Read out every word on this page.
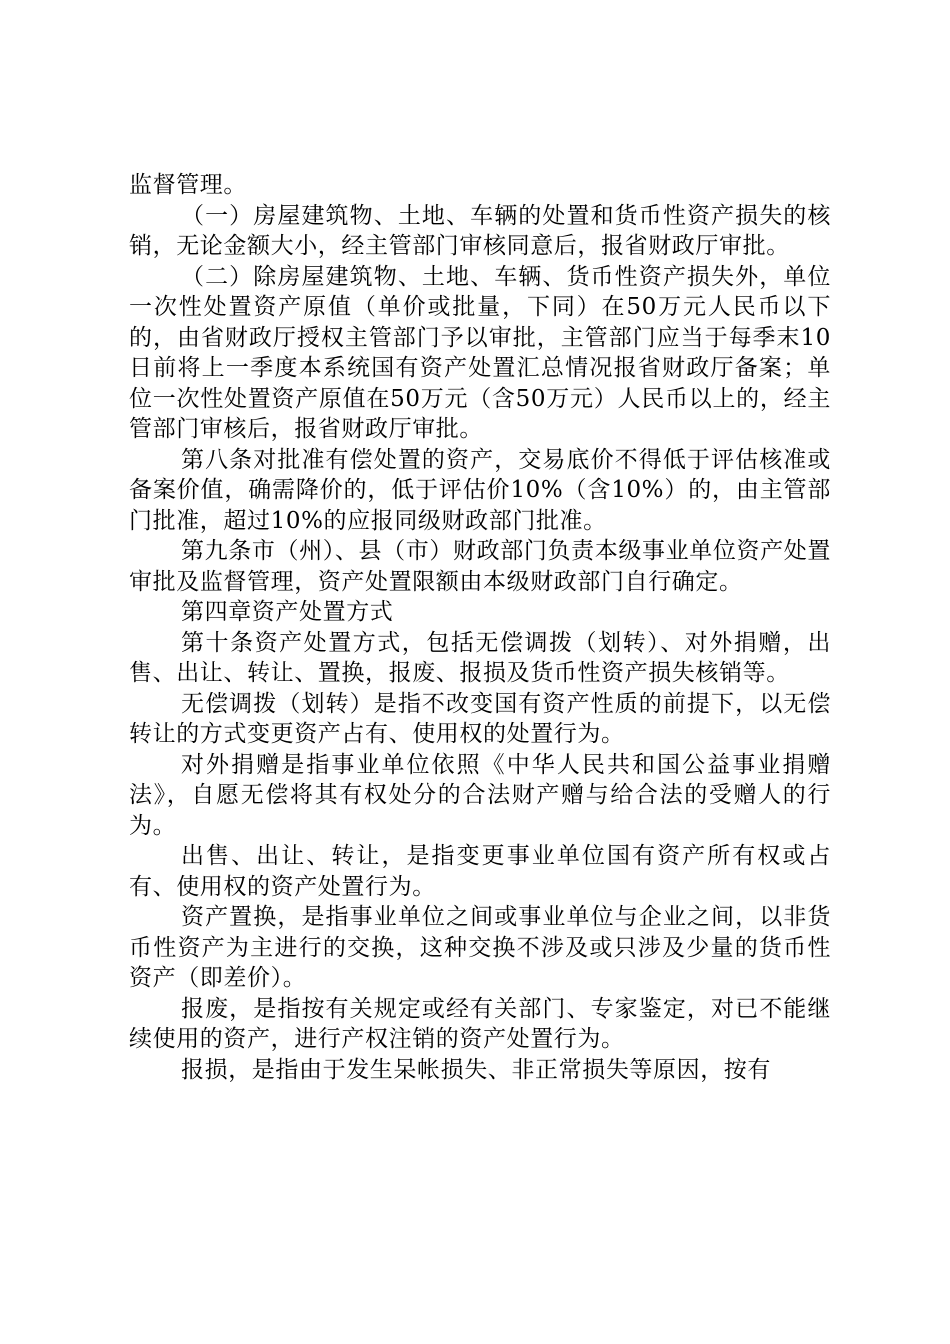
监督管理。

（一）房屋建筑物、土地、车辆的处置和货币性资产损失的核销，无论金额大小，经主管部门审核同意后，报省财政厅审批。

（二）除房屋建筑物、土地、车辆、货币性资产损失外，单位一次性处置资产原值（单价或批量，下同）在50万元人民币以下的，由省财政厅授权主管部门予以审批，主管部门应当于每季末10日前将上一季度本系统国有资产处置汇总情况报省财政厅备案；单位一次性处置资产原值在50万元（含50万元）人民币以上的，经主管部门审核后，报省财政厅审批。

第八条对批准有偿处置的资产，交易底价不得低于评估核准或备案价值，确需降价的，低于评估价10%（含10%）的，由主管部门批准，超过10%的应报同级财政部门批准。

第九条市（州）、县（市）财政部门负责本级事业单位资产处置审批及监督管理，资产处置限额由本级财政部门自行确定。

第四章资产处置方式

第十条资产处置方式，包括无偿调拨（划转）、对外捐赠，出售、出让、转让、置换，报废、报损及货币性资产损失核销等。

无偿调拨（划转）是指不改变国有资产性质的前提下，以无偿转让的方式变更资产占有、使用权的处置行为。

对外捐赠是指事业单位依照《中华人民共和国公益事业捐赠法》，自愿无偿将其有权处分的合法财产赠与给合法的受赠人的行为。

出售、出让、转让，是指变更事业单位国有资产所有权或占有、使用权的资产处置行为。

资产置换，是指事业单位之间或事业单位与企业之间，以非货币性资产为主进行的交换，这种交换不涉及或只涉及少量的货币性资产（即差价）。

报废，是指按有关规定或经有关部门、专家鉴定，对已不能继续使用的资产，进行产权注销的资产处置行为。

报损，是指由于发生呆帐损失、非正常损失等原因，按有
